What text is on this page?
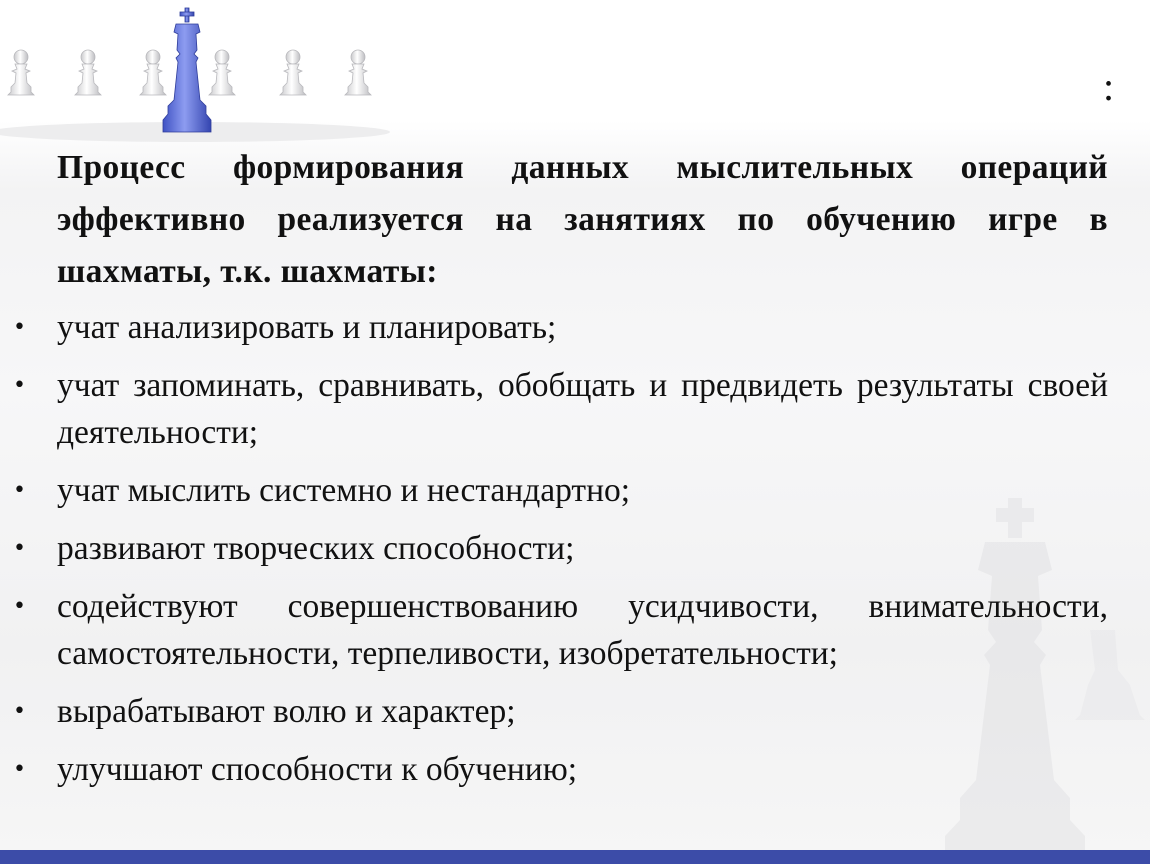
:

Процесс формирования данных мыслительных операций эффективно реализуется на занятиях по обучению игре в шахматы, т.к. шахматы:

• учат анализировать и планировать;
• учат запоминать, сравнивать, обобщать и предвидеть результаты своей деятельности;
• учат мыслить системно и нестандартно;
• развивают творческих способности;
• содействуют совершенствованию усидчивости, внимательности, самостоятельности, терпеливости, изобретательности;
• вырабатывают волю и характер;
• улучшают способности к обучению;
